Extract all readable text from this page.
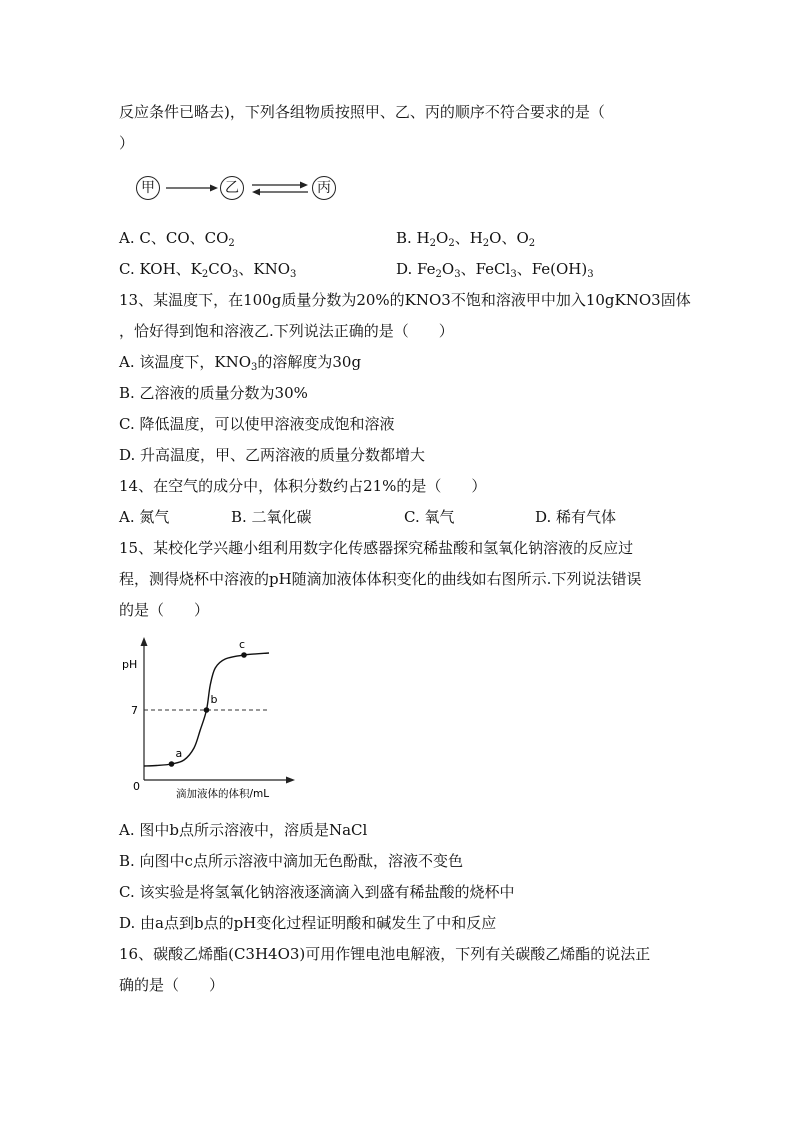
反应条件已略去)，下列各组物质按照甲、乙、丙的顺序不符合要求的是（
）
甲	乙	丙
A. C、CO、$CO_2$	B. $H_2O_2$、$H_2O$、$O_2$
C. KOH、$K_2CO_3$、$KNO_3$	D. $Fe_2O_3$、FeCl$_3$、$Fe(OH)_3$
13、某温度下，在100g质量分数为20%的KNO3不饱和溶液甲中加入10gKNO3固体
，恰好得到饱和溶液乙.下列说法正确的是（　　）
A. 该温度下，$KNO_3$的溶解度为30g
B. 乙溶液的质量分数为30%
C. 降低温度，可以使甲溶液变成饱和溶液
D. 升高温度，甲、乙两溶液的质量分数都增大
14、在空气的成分中，体积分数约占21%的是（　　）
A. 氮气	B. 二氧化碳	C. 氧气	D. 稀有气体
15、某校化学兴趣小组利用数字化传感器探究稀盐酸和氢氧化钠溶液的反应过
程，测得烧杯中溶液的pH随滴加液体体积变化的曲线如右图所示.下列说法错误
的是（　　）
pH
7
0
滴加液体的体积/mL
a
b
c
A. 图中b点所示溶液中，溶质是NaCl
B. 向图中c点所示溶液中滴加无色酚酞，溶液不变色
C. 该实验是将氢氧化钠溶液逐滴滴入到盛有稀盐酸的烧杯中
D. 由a点到b点的pH变化过程证明酸和碱发生了中和反应
16、碳酸乙烯酯(C3H4O3)可用作锂电池电解液，下列有关碳酸乙烯酯的说法正
确的是（　　）
